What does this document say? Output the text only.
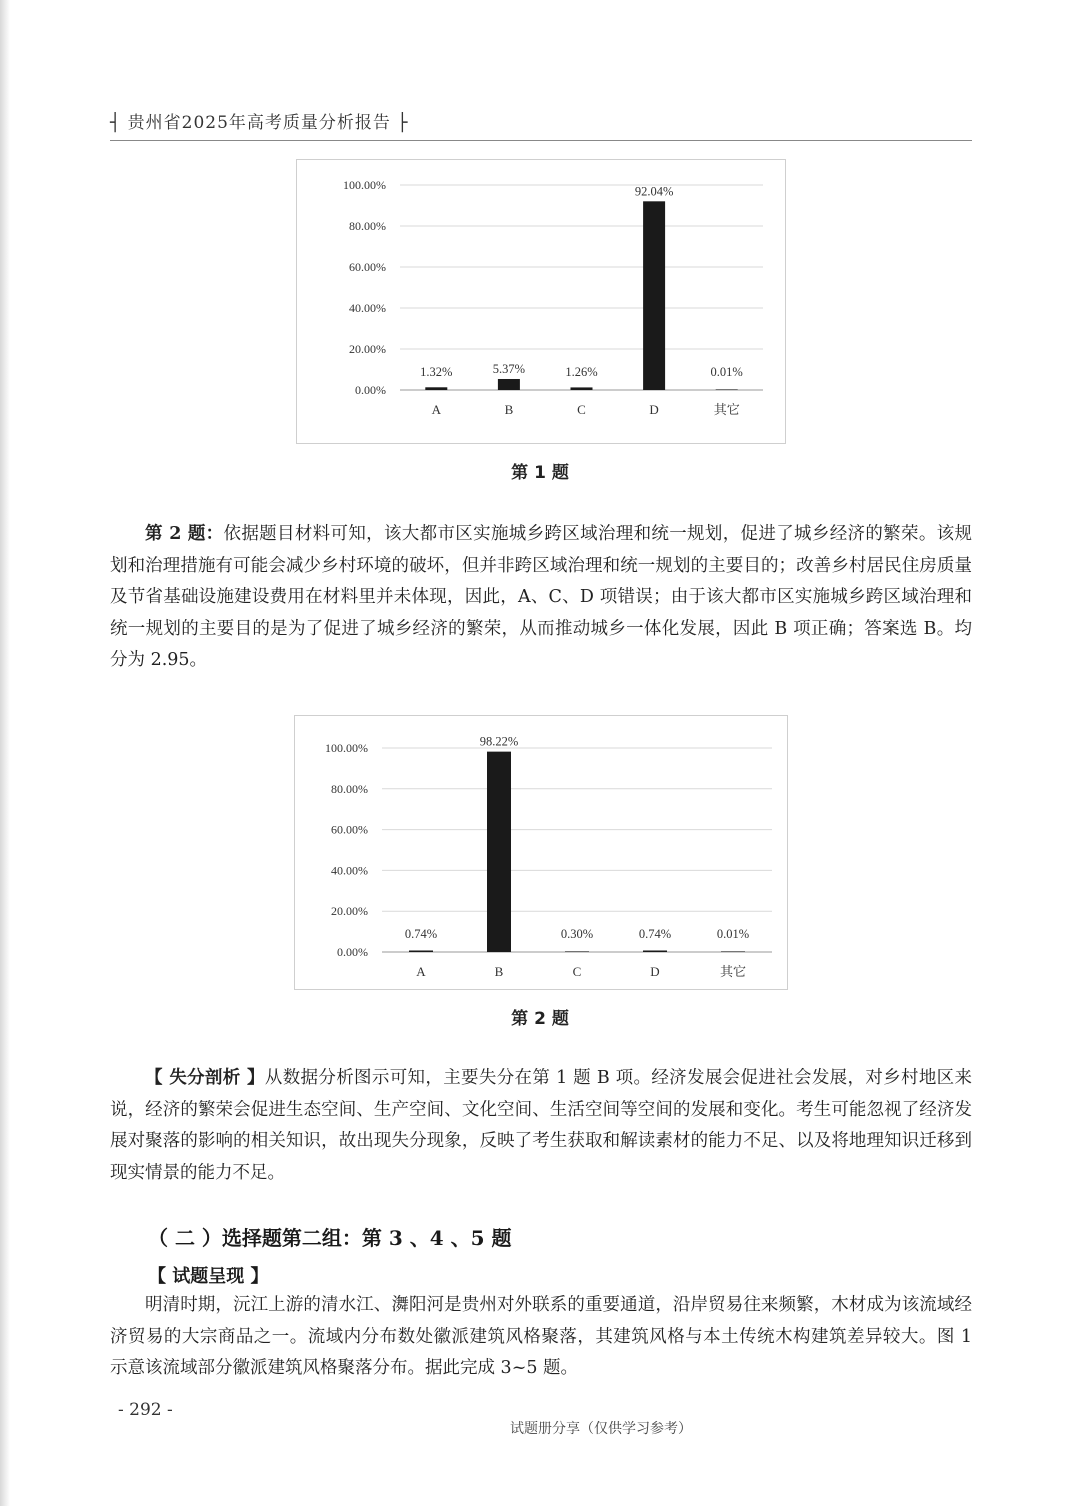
┤ 贵州省2025年高考质量分析报告 ├
100.00%
80.00%
60.00%
40.00%
20.00%
0.00%
1.32%
A
5.37%
B
1.26%
C
92.04%
D
0.01%
其它
第 1 题
第 2 题：依据题目材料可知，该大都市区实施城乡跨区域治理和统一规划，促进了城乡经济的繁荣。该规划和治理措施有可能会减少乡村环境的破坏，但并非跨区域治理和统一规划的主要目的；改善乡村居民住房质量及节省基础设施建设费用在材料里并未体现，因此，A、C、D 项错误；由于该大都市区实施城乡跨区域治理和统一规划的主要目的是为了促进了城乡经济的繁荣，从而推动城乡一体化发展，因此 B 项正确；答案选 B。均分为 2.95。
100.00%
80.00%
60.00%
40.00%
20.00%
0.00%
0.74%
A
98.22%
B
0.30%
C
0.74%
D
0.01%
其它
第 2 题
【 失分剖析 】从数据分析图示可知，主要失分在第 1 题 B 项。经济发展会促进社会发展，对乡村地区来说，经济的繁荣会促进生态空间、生产空间、文化空间、生活空间等空间的发展和变化。考生可能忽视了经济发展对聚落的影响的相关知识，故出现失分现象，反映了考生获取和解读素材的能力不足、以及将地理知识迁移到现实情景的能力不足。
（ 二 ）选择题第二组：第 3 、4 、5 题
【 试题呈现 】
明清时期，沅江上游的清水江、㵲阳河是贵州对外联系的重要通道，沿岸贸易往来频繁，木材成为该流域经济贸易的大宗商品之一。流域内分布数处徽派建筑风格聚落，其建筑风格与本土传统木构建筑差异较大。图 1 示意该流域部分徽派建筑风格聚落分布。据此完成 3~5 题。
- 292 -
试题册分享（仅供学习参考）
